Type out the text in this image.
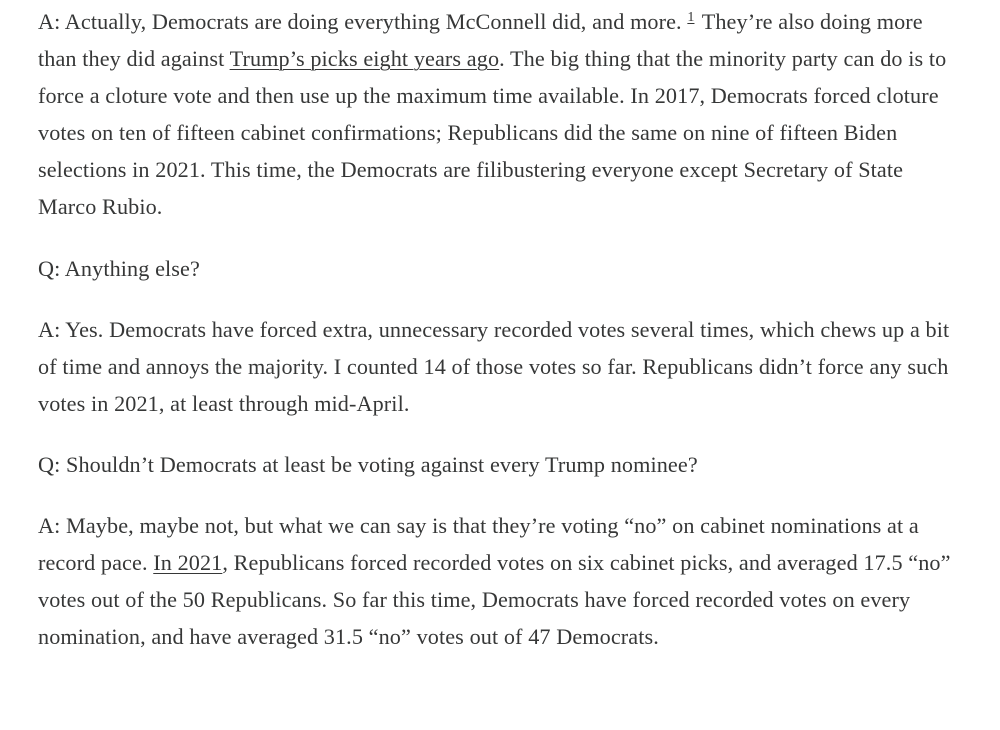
A: Actually, Democrats are doing everything McConnell did, and more. $^1$ They’re also doing more than they did against Trump’s picks eight years ago. The big thing that the minority party can do is to force a cloture vote and then use up the maximum time available. In 2017, Democrats forced cloture votes on ten of fifteen cabinet confirmations; Republicans did the same on nine of fifteen Biden selections in 2021. This time, the Democrats are filibustering everyone except Secretary of State Marco Rubio.

Q: Anything else?

A: Yes. Democrats have forced extra, unnecessary recorded votes several times, which chews up a bit of time and annoys the majority. I counted 14 of those votes so far. Republicans didn’t force any such votes in 2021, at least through mid-April.

Q: Shouldn’t Democrats at least be voting against every Trump nominee?

A: Maybe, maybe not, but what we can say is that they’re voting “no” on cabinet nominations at a record pace. In 2021, Republicans forced recorded votes on six cabinet picks, and averaged 17.5 “no” votes out of the 50 Republicans. So far this time, Democrats have forced recorded votes on every nomination, and have averaged 31.5 “no” votes out of 47 Democrats.
